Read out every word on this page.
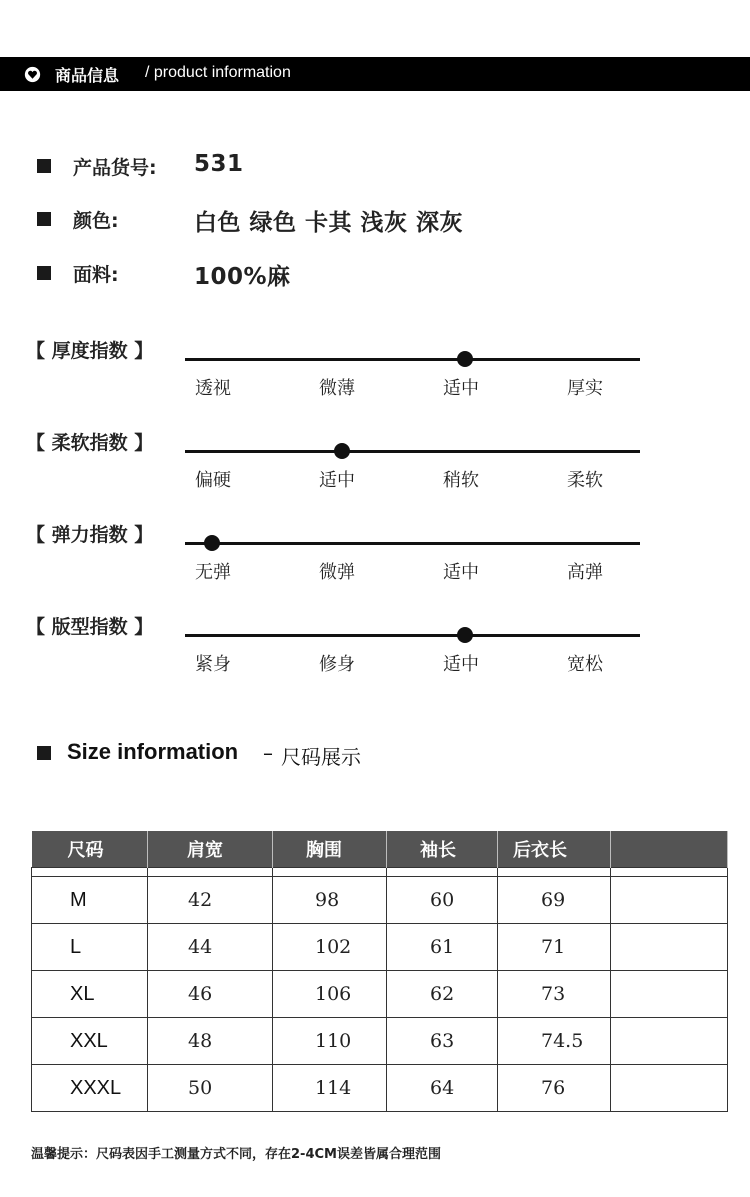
商品信息 / product information
产品货号: 531
颜色:	白色 绿色 卡其 浅灰 深灰
面料:	100%麻
【 厚度指数 】
透视	微薄	适中	厚实
【 柔软指数 】
偏硬	适中	稍软	柔软
【 弹力指数 】
无弹	微弹	适中	高弹
【 版型指数 】
紧身	修身	适中	宽松
Size information – 尺码展示
尺码	肩宽	胸围	袖长	后衣长	

M	42	98	60	69	
L	44	102	61	71	
XL	46	106	62	73	
XXL	48	110	63	74.5	
XXXL	50	114	64	76	
温馨提示：尺码表因手工测量方式不同，存在2-4CM误差皆属合理范围
